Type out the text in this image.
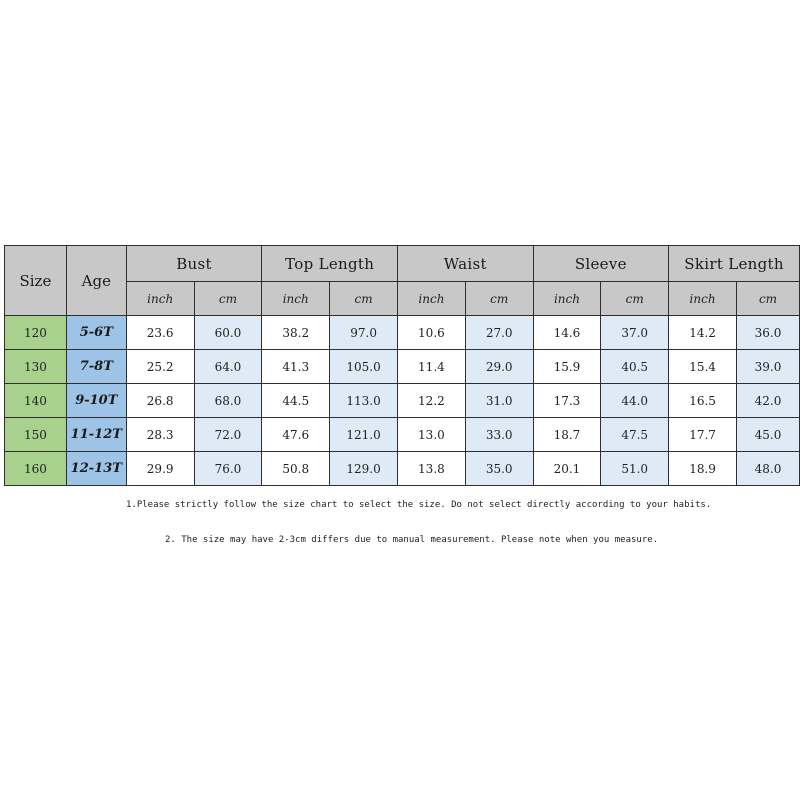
Size	Age	Bust		Top Length		Waist		Sleeve		Skirt Length	
		inch	cm	inch	cm	inch	cm	inch	cm	inch	cm
120	5-6T	23.6	60.0	38.2	97.0	10.6	27.0	14.6	37.0	14.2	36.0
130	7-8T	25.2	64.0	41.3	105.0	11.4	29.0	15.9	40.5	15.4	39.0
140	9-10T	26.8	68.0	44.5	113.0	12.2	31.0	17.3	44.0	16.5	42.0
150	11-12T	28.3	72.0	47.6	121.0	13.0	33.0	18.7	47.5	17.7	45.0
160	12-13T	29.9	76.0	50.8	129.0	13.8	35.0	20.1	51.0	18.9	48.0
1.Please strictly follow the size chart to select the size. Do not select directly according to your habits.
2. The size may have 2-3cm differs due to manual measurement. Please note when you measure.
